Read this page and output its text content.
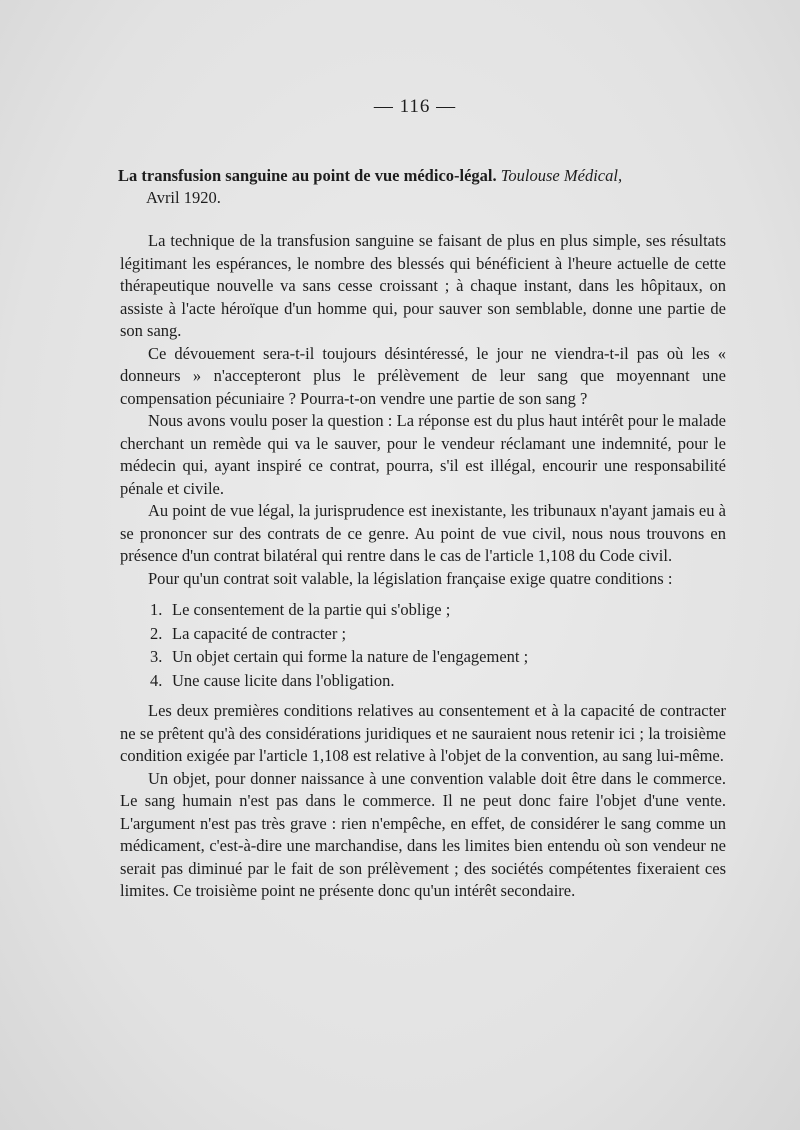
— 116 —
La transfusion sanguine au point de vue médico-légal. Toulouse Médical,
Avril 1920.

La technique de la transfusion sanguine se faisant de plus en plus simple, ses résultats légitimant les espérances, le nombre des blessés qui bénéficient à l'heure actuelle de cette thérapeutique nouvelle va sans cesse croissant ; à chaque instant, dans les hôpitaux, on assiste à l'acte héroïque d'un homme qui, pour sauver son semblable, donne une partie de son sang.

Ce dévouement sera-t-il toujours désintéressé, le jour ne viendra-t-il pas où les « donneurs » n'accepteront plus le prélèvement de leur sang que moyennant une compensation pécuniaire ? Pourra-t-on vendre une partie de son sang ?

Nous avons voulu poser la question : La réponse est du plus haut intérêt pour le malade cherchant un remède qui va le sauver, pour le vendeur réclamant une indemnité, pour le médecin qui, ayant inspiré ce contrat, pourra, s'il est illégal, encourir une responsabilité pénale et civile.

Au point de vue légal, la jurisprudence est inexistante, les tribunaux n'ayant jamais eu à se prononcer sur des contrats de ce genre. Au point de vue civil, nous nous trouvons en présence d'un contrat bilatéral qui rentre dans le cas de l'article 1,108 du Code civil.

Pour qu'un contrat soit valable, la législation française exige quatre conditions :

1. Le consentement de la partie qui s'oblige ;
2. La capacité de contracter ;
3. Un objet certain qui forme la nature de l'engagement ;
4. Une cause licite dans l'obligation.

Les deux premières conditions relatives au consentement et à la capacité de contracter ne se prêtent qu'à des considérations juridiques et ne sauraient nous retenir ici ; la troisième condition exigée par l'article 1,108 est relative à l'objet de la convention, au sang lui-même.

Un objet, pour donner naissance à une convention valable doit être dans le commerce. Le sang humain n'est pas dans le commerce. Il ne peut donc faire l'objet d'une vente. L'argument n'est pas très grave : rien n'empêche, en effet, de considérer le sang comme un médicament, c'est-à-dire une marchandise, dans les limites bien entendu où son vendeur ne serait pas diminué par le fait de son prélèvement ; des sociétés compétentes fixeraient ces limites. Ce troisième point ne présente donc qu'un intérêt secondaire.
